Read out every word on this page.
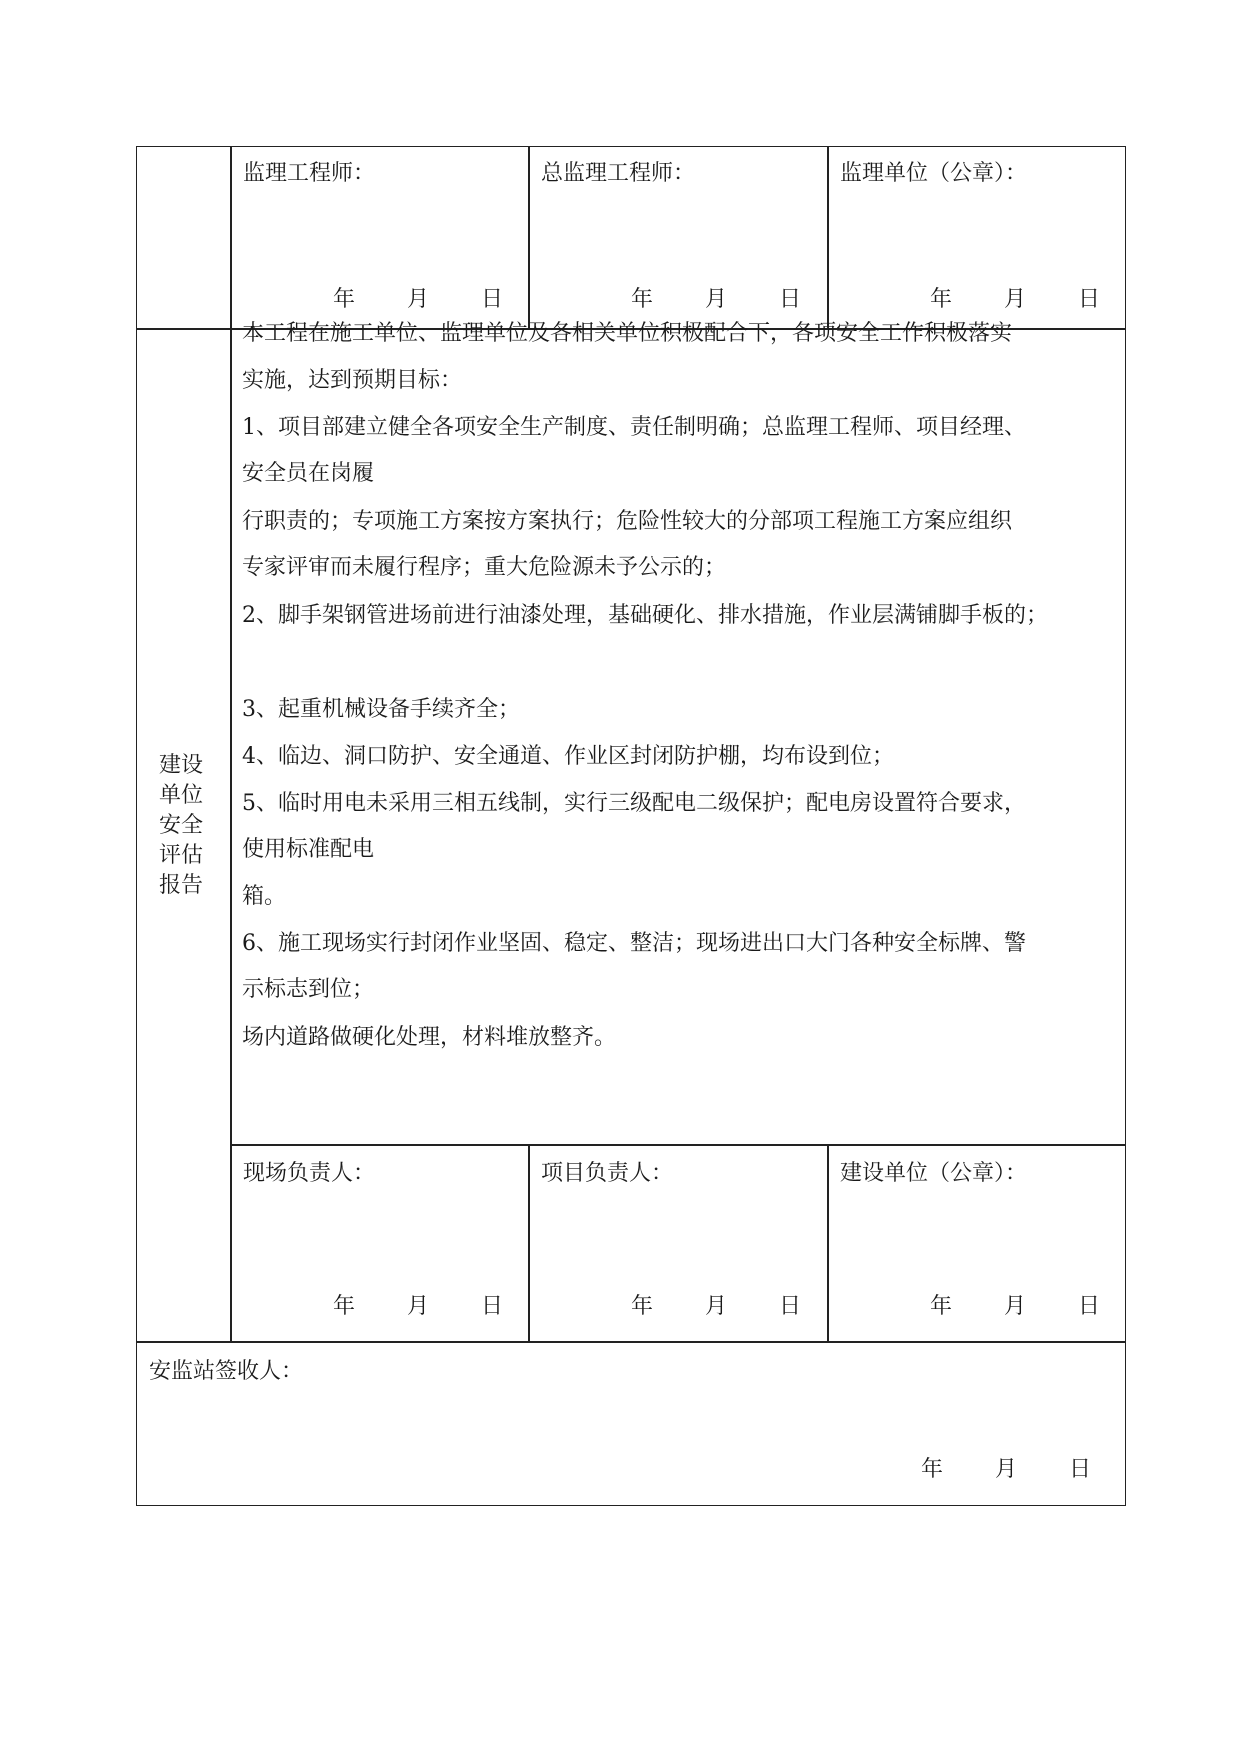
监理工程师：
年 月 日
总监理工程师：
年 月 日
监理单位（公章）：
年 月 日
建设单位安全评估报告
本工程在施工单位、监理单位及各相关单位积极配合下，各项安全工作积极落实
实施，达到预期目标：
1、项目部建立健全各项安全生产制度、责任制明确；总监理工程师、项目经理、
安全员在岗履
行职责的；专项施工方案按方案执行；危险性较大的分部项工程施工方案应组织
专家评审而未履行程序；重大危险源未予公示的；
2、脚手架钢管进场前进行油漆处理，基础硬化、排水措施，作业层满铺脚手板的；
3、起重机械设备手续齐全；
4、临边、洞口防护、安全通道、作业区封闭防护棚，均布设到位；
5、临时用电未采用三相五线制，实行三级配电二级保护；配电房设置符合要求，
使用标准配电
箱。
6、施工现场实行封闭作业坚固、稳定、整洁；现场进出口大门各种安全标牌、警
示标志到位；
场内道路做硬化处理，材料堆放整齐。
现场负责人：
年 月 日
项目负责人：
年 月 日
建设单位（公章）：
年 月 日
安监站签收人：
年 月 日
